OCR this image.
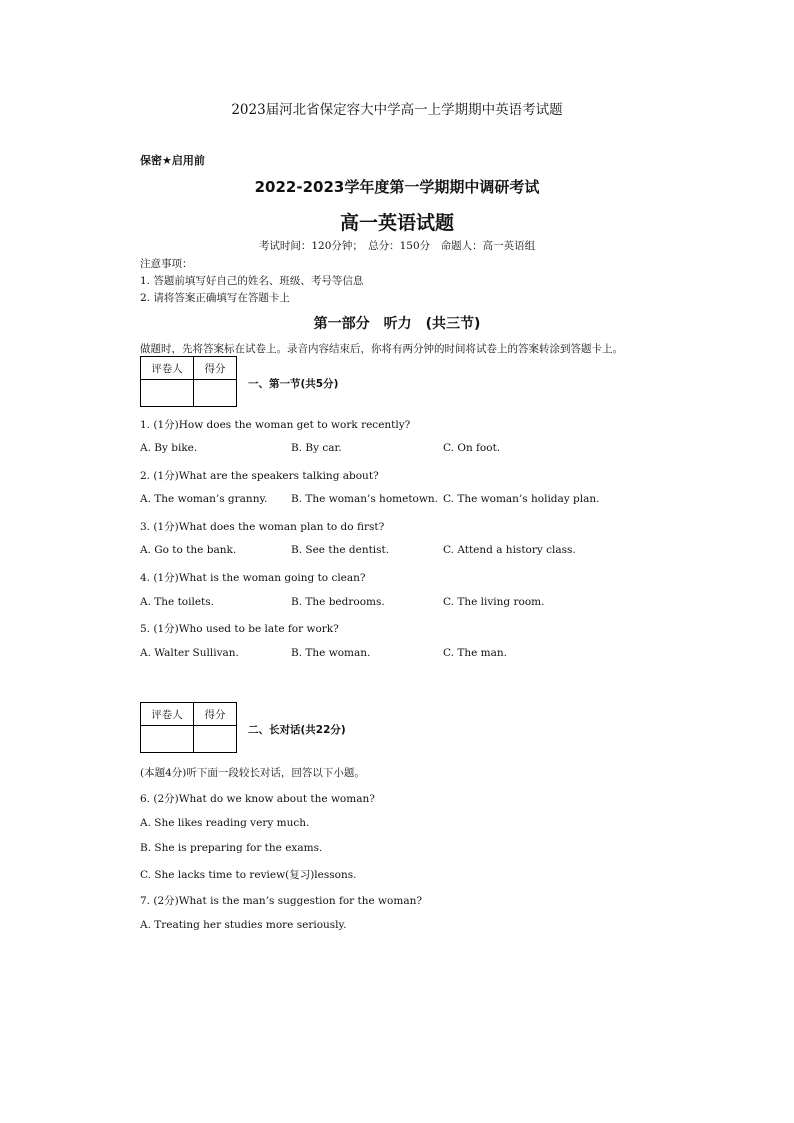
2023届河北省保定容大中学高一上学期期中英语考试题
保密★启用前
2022-2023学年度第一学期期中调研考试
高一英语试题
考试时间：120分钟；　总分：150分　命题人：高一英语组
注意事项：
1. 答题前填写好自己的姓名、班级、考号等信息
2. 请将答案正确填写在答题卡上
第一部分　听力　(共三节)
做题时，先将答案标在试卷上。录音内容结束后，你将有两分钟的时间将试卷上的答案转涂到答题卡上。
评卷人	得分

一、第一节(共5分)
1. (1分)How does the woman get to work recently?
A. By bike.	B. By car.	C. On foot.
2. (1分)What are the speakers talking about?
A. The woman’s granny. B. The woman’s hometown. C. The woman’s holiday plan.
3. (1分)What does the woman plan to do first?
A. Go to the bank.	B. See the dentist.	C. Attend a history class.
4. (1分)What is the woman going to clean?
A. The toilets.	B. The bedrooms.	C. The living room.
5. (1分)Who used to be late for work?
A. Walter Sullivan.	B. The woman.	C. The man.
评卷人	得分

二、长对话(共22分)
(本题4分)听下面一段较长对话，回答以下小题。
6. (2分)What do we know about the woman?
A. She likes reading very much.
B. She is preparing for the exams.
C. She lacks time to review(复习)lessons.
7. (2分)What is the man’s suggestion for the woman?
A. Treating her studies more seriously.
